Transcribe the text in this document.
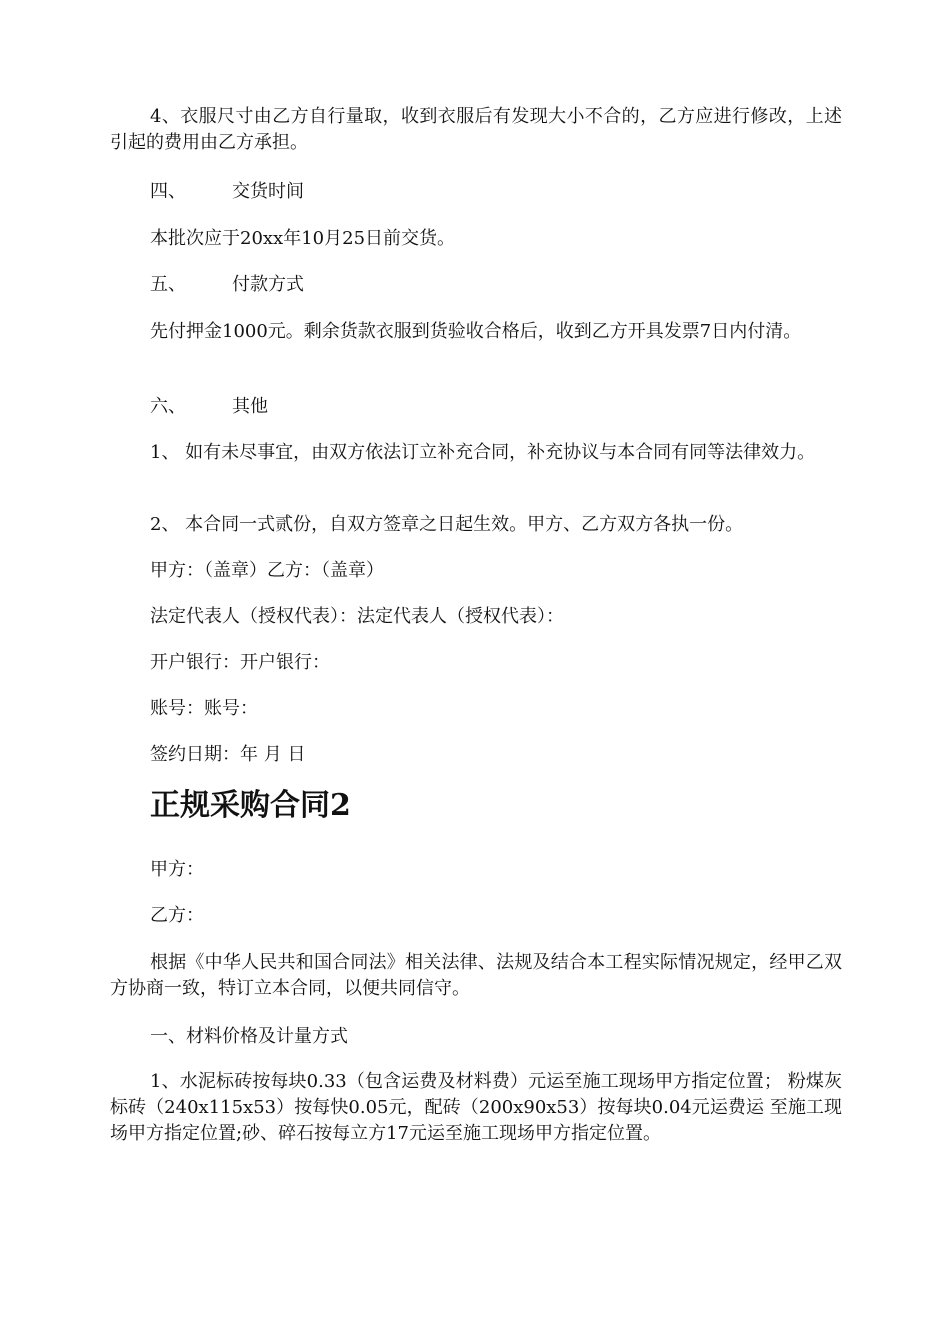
4、衣服尺寸由乙方自行量取，收到衣服后有发现大小不合的，乙方应进行修改，上述引起的费用由乙方承担。

四、	交货时间

本批次应于20xx年10月25日前交货。

五、	付款方式

先付押金1000元。剩余货款衣服到货验收合格后，收到乙方开具发票7日内付清。

六、	其他

1、 如有未尽事宜，由双方依法订立补充合同，补充协议与本合同有同等法律效力。

2、 本合同一式贰份，自双方签章之日起生效。甲方、乙方双方各执一份。

甲方：（盖章）乙方：（盖章）

法定代表人（授权代表）：法定代表人（授权代表）：

开户银行：开户银行：

账号：账号：

签约日期：年 月 日

正规采购合同2

甲方：

乙方：

根据《中华人民共和国合同法》相关法律、法规及结合本工程实际情况规定，经甲乙双方协商一致，特订立本合同，以便共同信守。

一、材料价格及计量方式

1、水泥标砖按每块0.33（包含运费及材料费）元运至施工现场甲方指定位置； 粉煤灰标砖（240x115x53）按每快0.05元，配砖（200x90x53）按每块0.04元运费运 至施工现场甲方指定位置;砂、碎石按每立方17元运至施工现场甲方指定位置。
